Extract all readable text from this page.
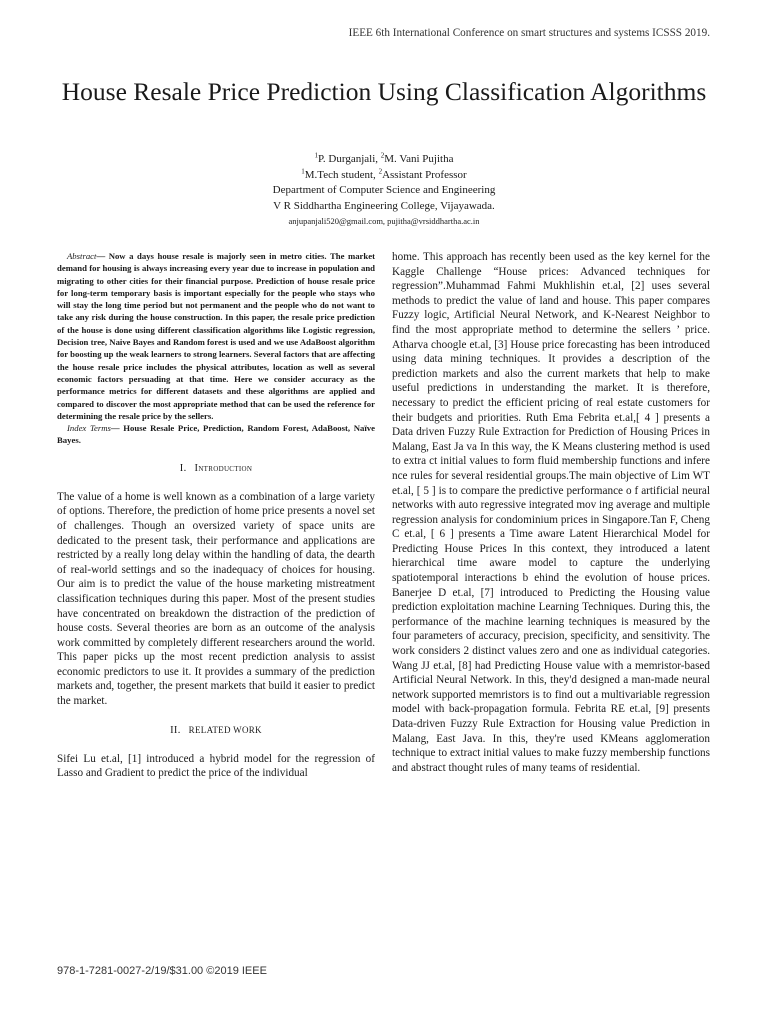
IEEE 6th International Conference on smart structures and systems ICSSS 2019.
House Resale Price Prediction Using Classification Algorithms
$^1$P. Durganjali, $^2$M. Vani Pujitha
$^1$M.Tech student, $^2$Assistant Professor
Department of Computer Science and Engineering
V R Siddhartha Engineering College, Vijayawada.
anjupanjali520@gmail.com, pujitha@vrsiddhartha.ac.in

Abstract— Now a days house resale is majorly seen in metro cities. The market demand for housing is always increasing every year due to increase in population and migrating to other cities for their financial purpose. Prediction of house resale price for long-term temporary basis is important especially for the people who stays who will stay the long time period but not permanent and the people who do not want to take any risk during the house construction. In this paper, the resale price prediction of the house is done using different classification algorithms like Logistic regression, Decision tree, Naive Bayes and Random forest is used and we use AdaBoost algorithm for boosting up the weak learners to strong learners. Several factors that are affecting the house resale price includes the physical attributes, location as well as several economic factors persuading at that time. Here we consider accuracy as the performance metrics for different datasets and these algorithms are applied and compared to discover the most appropriate method that can be used the reference for determining the resale price by the sellers.

Index Terms— House Resale Price, Prediction, Random Forest, AdaBoost, Naïve Bayes.

I. Introduction

The value of a home is well known as a combination of a large variety of options. Therefore, the prediction of home price presents a novel set of challenges. Though an oversized variety of space units are dedicated to the present task, their performance and applications are restricted by a really long delay within the handling of data, the dearth of real-world settings and so the inadequacy of choices for housing. Our aim is to predict the value of the house marketing mistreatment classification techniques during this paper. Most of the present studies have concentrated on breakdown the distraction of the prediction of house costs. Several theories are born as an outcome of the analysis work committed by completely different researchers around the world. This paper picks up the most recent prediction analysis to assist economic predictors to use it. It provides a summary of the prediction markets and, together, the present markets that build it easier to predict the market.

II. RELATED WORK

Sifei Lu et.al, [1] introduced a hybrid model for the regression of Lasso and Gradient to predict the price of the individual

home. This approach has recently been used as the key kernel for the Kaggle Challenge “House prices: Advanced techniques for regression”.Muhammad Fahmi Mukhlishin et.al, [2] uses several methods to predict the value of land and house. This paper compares Fuzzy logic, Artificial Neural Network, and K-Nearest Neighbor to find the most appropriate method to determine the sellers ’ price. Atharva choogle et.al, [3] House price forecasting has been introduced using data mining techniques. It provides a description of the prediction markets and also the current markets that help to make useful predictions in understanding the market. It is therefore, necessary to predict the efficient pricing of real estate customers for their budgets and priorities. Ruth Ema Febrita et.al,[ 4 ] presents a Data driven Fuzzy Rule Extraction for Prediction of Housing Prices in Malang, East Ja va In this way, the K Means clustering method is used to extra ct initial values to form fluid membership functions and infere nce rules for several residential groups.The main objective of Lim WT et.al, [ 5 ] is to compare the predictive performance o f artificial neural networks with auto regressive integrated mov ing average and multiple regression analysis for condominium prices in Singapore.Tan F, Cheng C et.al, [ 6 ] presents a Time aware Latent Hierarchical Model for Predicting House Prices In this context, they introduced a latent hierarchical time aware model to capture the underlying spatiotemporal interactions b ehind the evolution of house prices. Banerjee D et.al, [7] introduced to Predicting the Housing value prediction exploitation machine Learning Techniques. During this, the performance of the machine learning techniques is measured by the four parameters of accuracy, precision, specificity, and sensitivity. The work considers 2 distinct values zero and one as individual categories. Wang JJ et.al, [8] had Predicting House value with a memristor-based Artificial Neural Network. In this, they'd designed a man-made neural network supported memristors is to find out a multivariable regression model with back-propagation formula. Febrita RE et.al, [9] presents Data-driven Fuzzy Rule Extraction for Housing value Prediction in Malang, East Java. In this, they're used KMeans agglomeration technique to extract initial values to make fuzzy membership functions and abstract thought rules of many teams of residential.

978-1-7281-0027-2/19/$31.00 ©2019 IEEE
